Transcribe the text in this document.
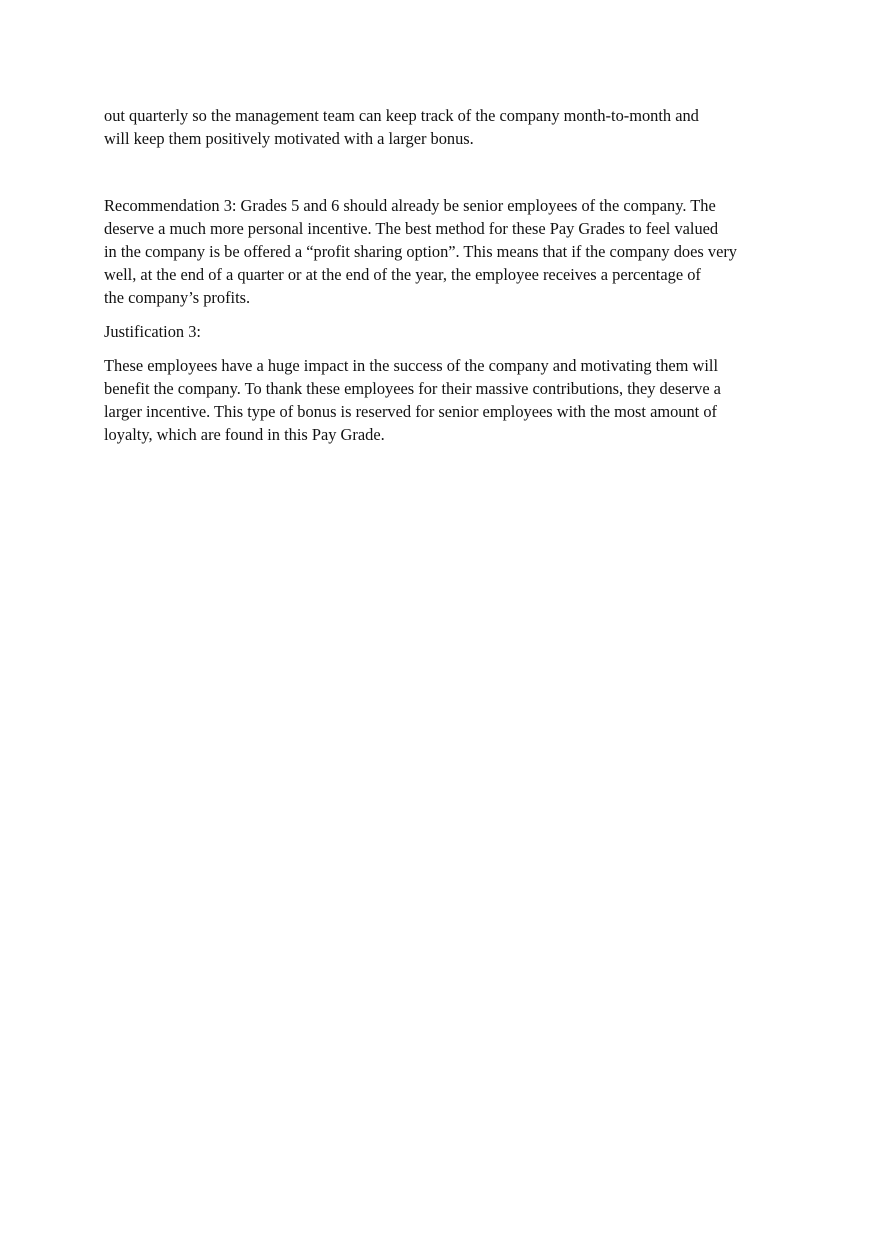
out quarterly so the management team can keep track of the company month-to-month and
will keep them positively motivated with a larger bonus.

Recommendation 3: Grades 5 and 6 should already be senior employees of the company. The
deserve a much more personal incentive. The best method for these Pay Grades to feel valued
in the company is be offered a “profit sharing option”. This means that if the company does very
well, at the end of a quarter or at the end of the year, the employee receives a percentage of
the company’s profits.

Justification 3:

These employees have a huge impact in the success of the company and motivating them will
benefit the company. To thank these employees for their massive contributions, they deserve a
larger incentive. This type of bonus is reserved for senior employees with the most amount of
loyalty, which are found in this Pay Grade.
